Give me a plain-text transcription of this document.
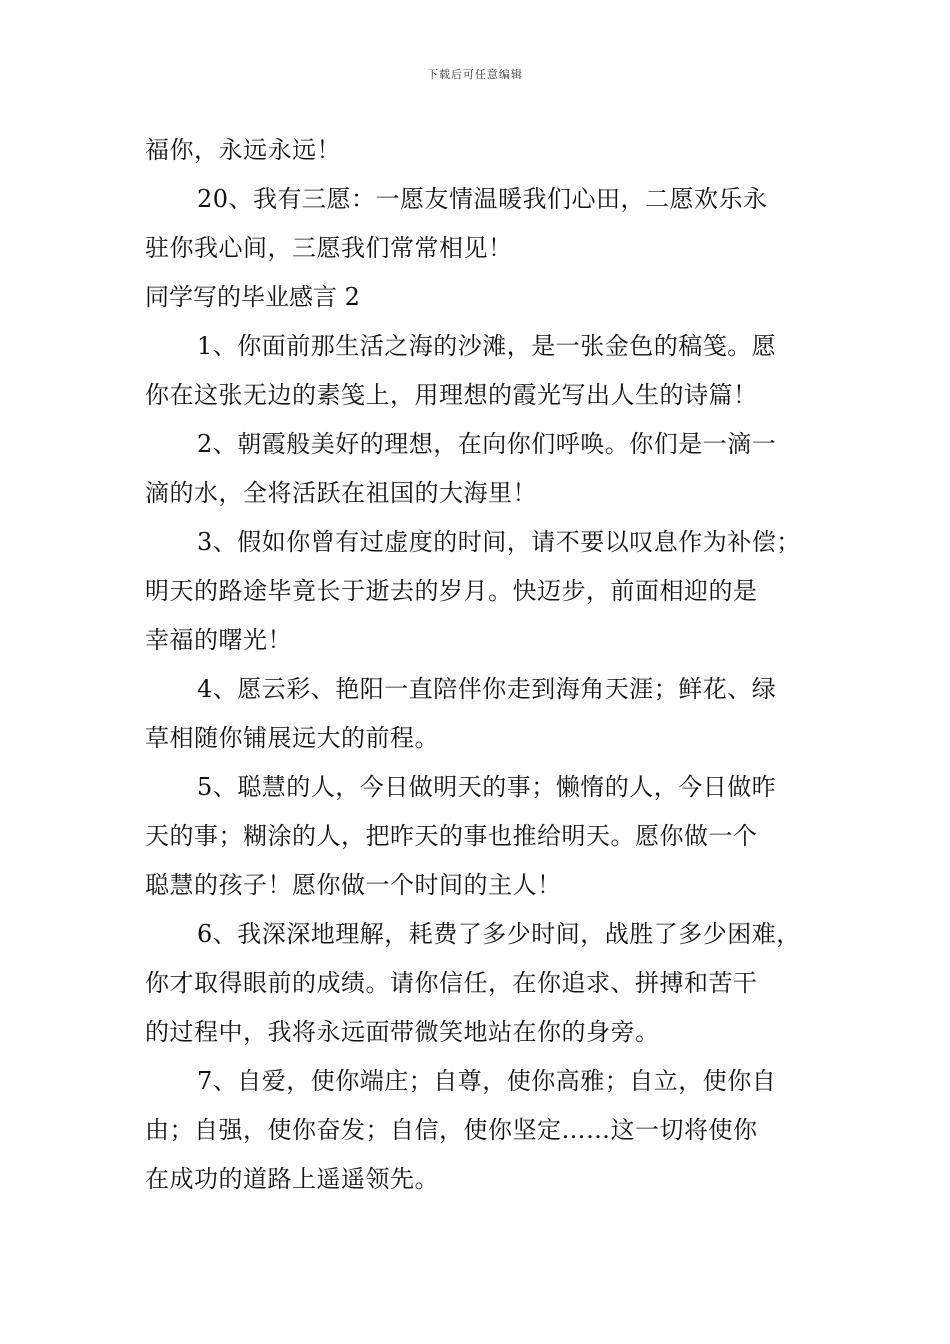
下载后可任意编辑
福你，永远永远！
20、我有三愿：一愿友情温暖我们心田，二愿欢乐永
驻你我心间，三愿我们常常相见！
同学写的毕业感言 2
1、你面前那生活之海的沙滩，是一张金色的稿笺。愿
你在这张无边的素笺上，用理想的霞光写出人生的诗篇！
2、朝霞般美好的理想，在向你们呼唤。你们是一滴一
滴的水，全将活跃在祖国的大海里！
3、假如你曾有过虚度的时间，请不要以叹息作为补偿；
明天的路途毕竟长于逝去的岁月。快迈步，前面相迎的是
幸福的曙光！
4、愿云彩、艳阳一直陪伴你走到海角天涯；鲜花、绿
草相随你铺展远大的前程。
5、聪慧的人，今日做明天的事；懒惰的人，今日做昨
天的事；糊涂的人，把昨天的事也推给明天。愿你做一个
聪慧的孩子！愿你做一个时间的主人！
6、我深深地理解，耗费了多少时间，战胜了多少困难，
你才取得眼前的成绩。请你信任，在你追求、拼搏和苦干
的过程中，我将永远面带微笑地站在你的身旁。
7、自爱，使你端庄；自尊，使你高雅；自立，使你自
由；自强，使你奋发；自信，使你坚定……这一切将使你
在成功的道路上遥遥领先。
